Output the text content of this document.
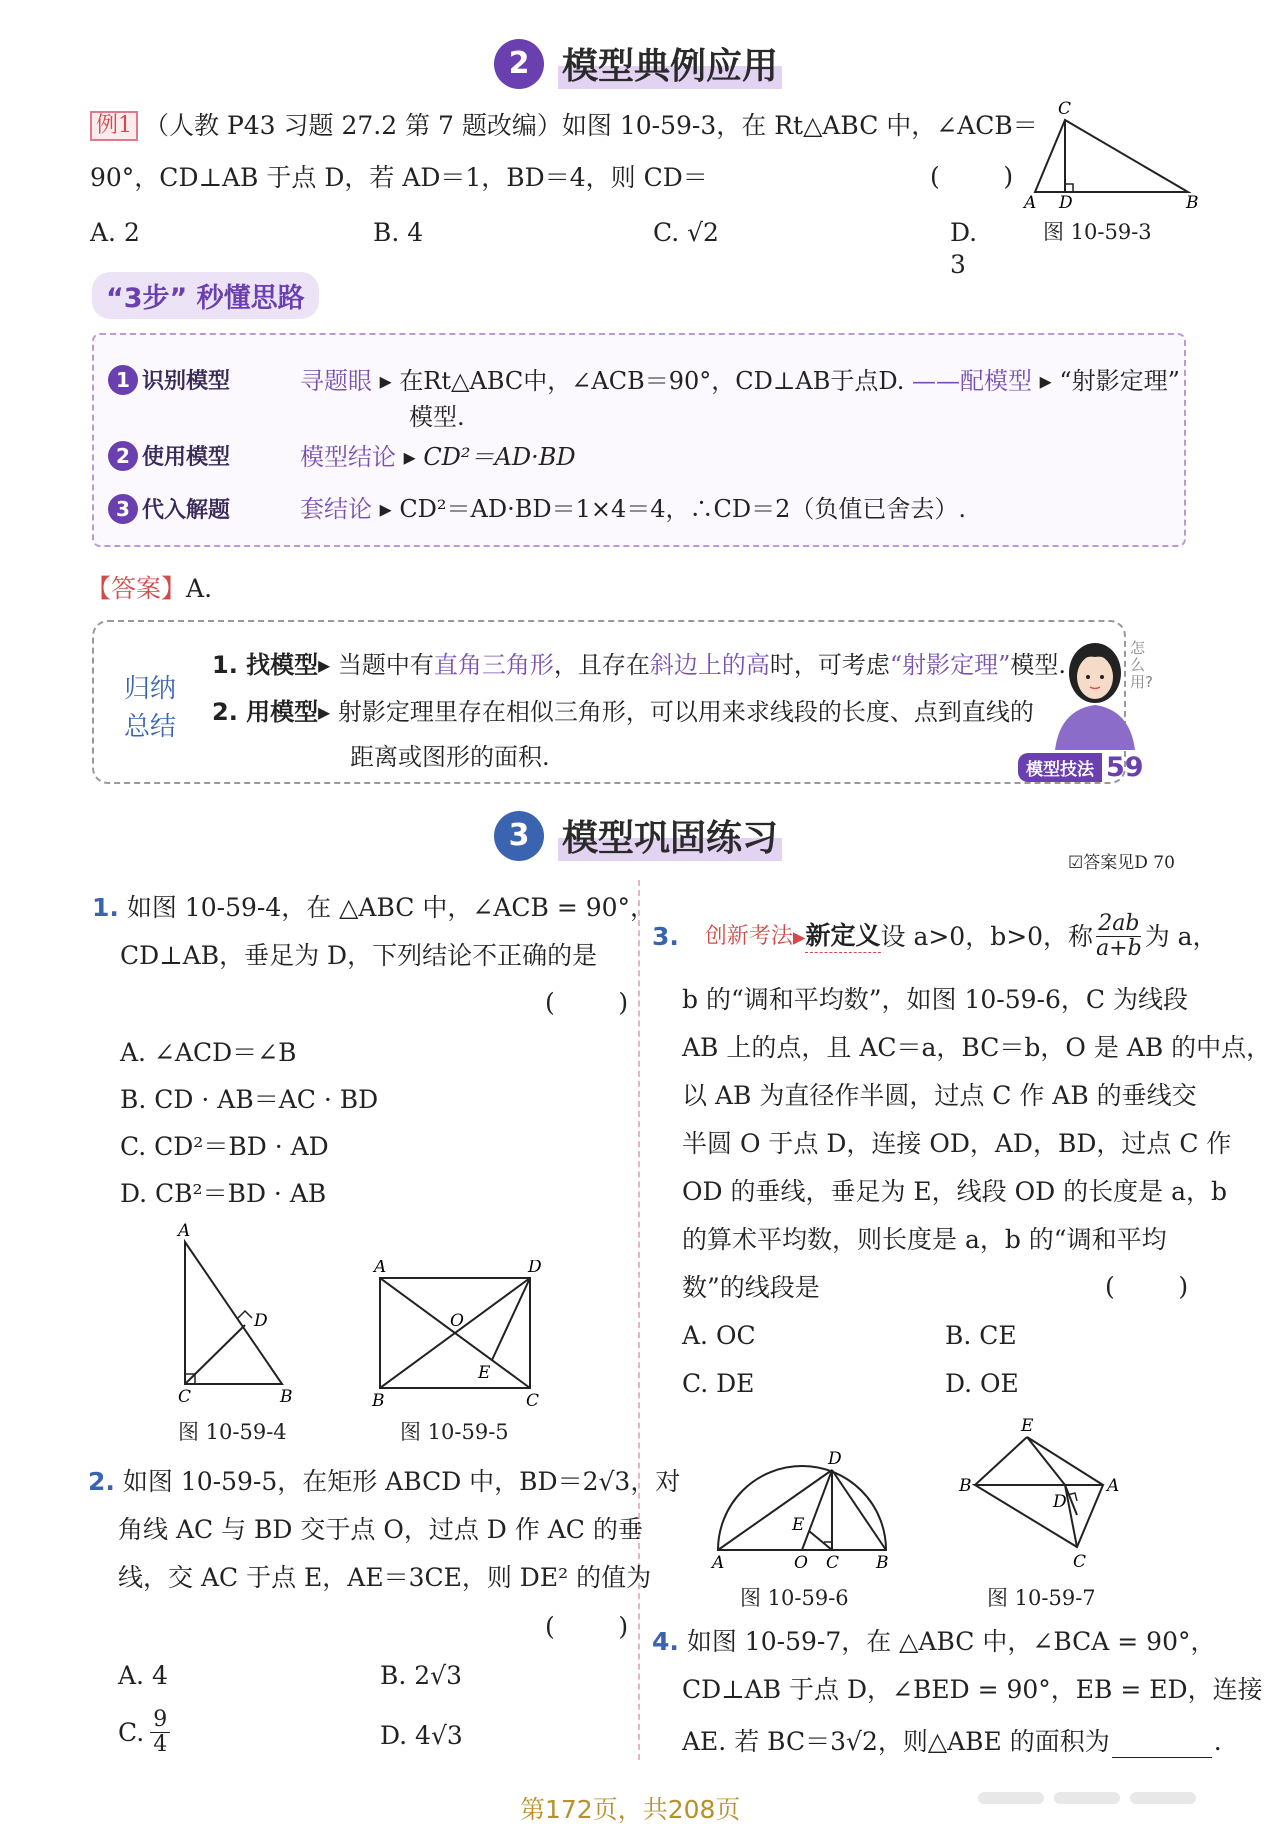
2 模型典例应用
例1 （人教 P43 习题 27.2 第 7 题改编） 如图 10-59-3，在 Rt△ABC 中，∠ACB＝
90°，CD⊥AB 于点 D，若 AD＝1，BD＝4，则 CD＝	(        )
A. 2	B. 4	C. √2	D. 3
C
A D	B
图 10-59-3
“3步” 秒懂思路
1 识别模型	寻题眼 ▸ 在Rt△ABC中，∠ACB＝90°，CD⊥AB于点D. ——配模型 ▸ “射影定理”
模型.
2 使用模型	模型结论 ▸ CD²＝AD·BD
3 代入解题	套结论 ▸ CD²＝AD·BD＝1×4＝4，∴CD＝2（负值已舍去）.
【答案】A.
归纳
总结
1. 找模型▸ 当题中有直角三角形，且存在斜边上的高时，可考虑“射影定理”模型.
2. 用模型▸ 射影定理里存在相似三角形，可以用来求线段的长度、点到直线的
距离或图形的面积.
怎么用?
模型技法 59
3 模型巩固练习
☑答案见D 70
1. 如图 10-59-4，在 △ABC 中，∠ACB = 90°，
CD⊥AB，垂足为 D，下列结论不正确的是
(        )
A. ∠ACD＝∠B
B. CD · AB＝AC · BD
C. CD²＝BD · AD
D. CB²＝BD · AB
A
D
C	B
图 10-59-4
A	D
O
E
B	C
图 10-59-5
2. 如图 10-59-5，在矩形 ABCD 中，BD＝2√3，对
角线 AC 与 BD 交于点 O，过点 D 作 AC 的垂
线，交 AC 于点 E，AE＝3CE，则 DE² 的值为
(        )
A. 4	B. 2√3
C. 9
4	D. 4√3
3. 创新考法 ▸ 新定义 设 a>0，b>0，称 2ab
a+b 为 a，
b 的“调和平均数”，如图 10-59-6，C 为线段
AB 上的点，且 AC＝a，BC＝b，O 是 AB 的中点，
以 AB 为直径作半圆，过点 C 作 AB 的垂线交
半圆 O 于点 D，连接 OD，AD，BD，过点 C 作
OD 的垂线，垂足为 E，线段 OD 的长度是 a，b
的算术平均数，则长度是 a，b 的“调和平均
数”的线段是	(        )
A. OC	B. CE
C. DE	D. OE
D
E
A	O C B
图 10-59-6
E
B	A
D
C
图 10-59-7
4. 如图 10-59-7，在 △ABC 中，∠BCA = 90°，
CD⊥AB 于点 D，∠BED = 90°，EB = ED，连接
AE. 若 BC＝3√2，则△ABE 的面积为	.
第172页，共208页
